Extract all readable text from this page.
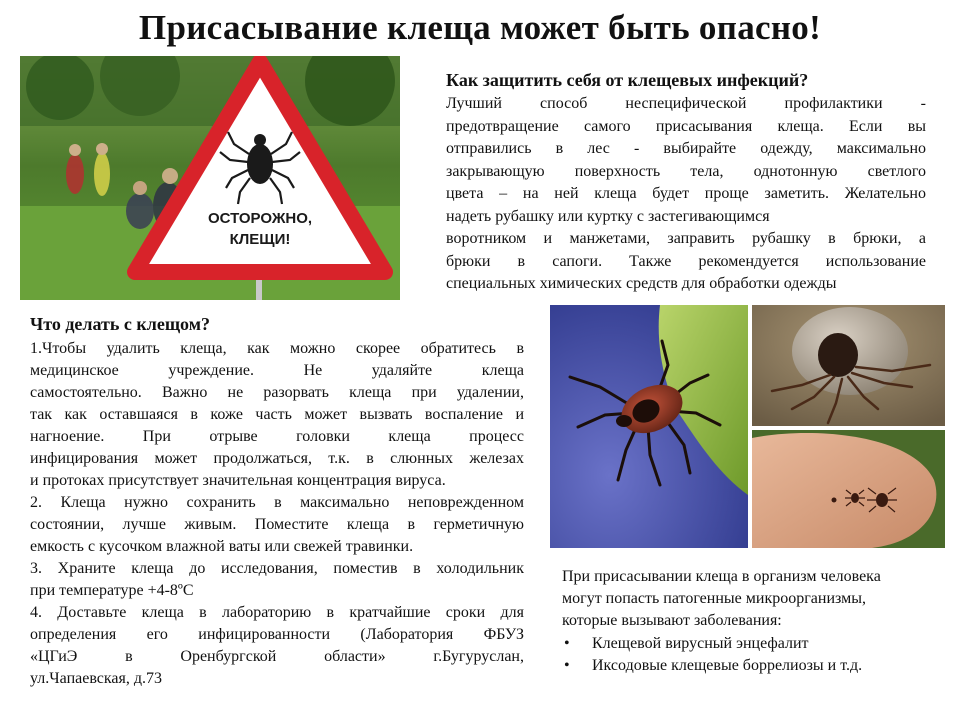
Присасывание клеща может быть опасно!
ОСТОРОЖНО,
КЛЕЩИ!
Как защитить себя от клещевых инфекций?

Лучший способ неспецифической профилактики -
предотвращение самого присасывания клеща. Если вы
отправились в лес - выбирайте одежду, максимально
закрывающую поверхность тела, однотонную светлого
цвета – на ней клеща будет проще заметить. Желательно
надеть рубашку или куртку с застегивающимся
воротником и манжетами, заправить рубашку в брюки, а
брюки в сапоги. Также рекомендуется использование
специальных химических средств для обработки одежды

Что делать с клещом?
1.Чтобы удалить клеща, как можно скорее обратитесь в
медицинское учреждение. Не удаляйте клеща
самостоятельно. Важно не разорвать клеща при удалении,
так как оставшаяся в коже часть может вызвать воспаление и
нагноение. При отрыве головки клеща процесс
инфицирования может продолжаться, т.к. в слюнных железах
и протоках присутствует значительная концентрация вируса.
2. Клеща нужно сохранить в максимально неповрежденном
состоянии, лучше живым. Поместите клеща в герметичную
емкость с кусочком влажной ваты или свежей травинки.
3. Храните клеща до исследования, поместив в холодильник
при температуре +4-8ºС
4. Доставьте клеща в лабораторию в кратчайшие сроки для
определения его инфицированности (Лаборатория ФБУЗ
«ЦГиЭ в Оренбургской области» г.Бугуруслан,
ул.Чапаевская, д.73
При присасывании клеща в организм человека
могут попасть патогенные микроорганизмы,
которые вызывают заболевания:
• Клещевой вирусный энцефалит
• Иксодовые клещевые боррелиозы и т.д.
